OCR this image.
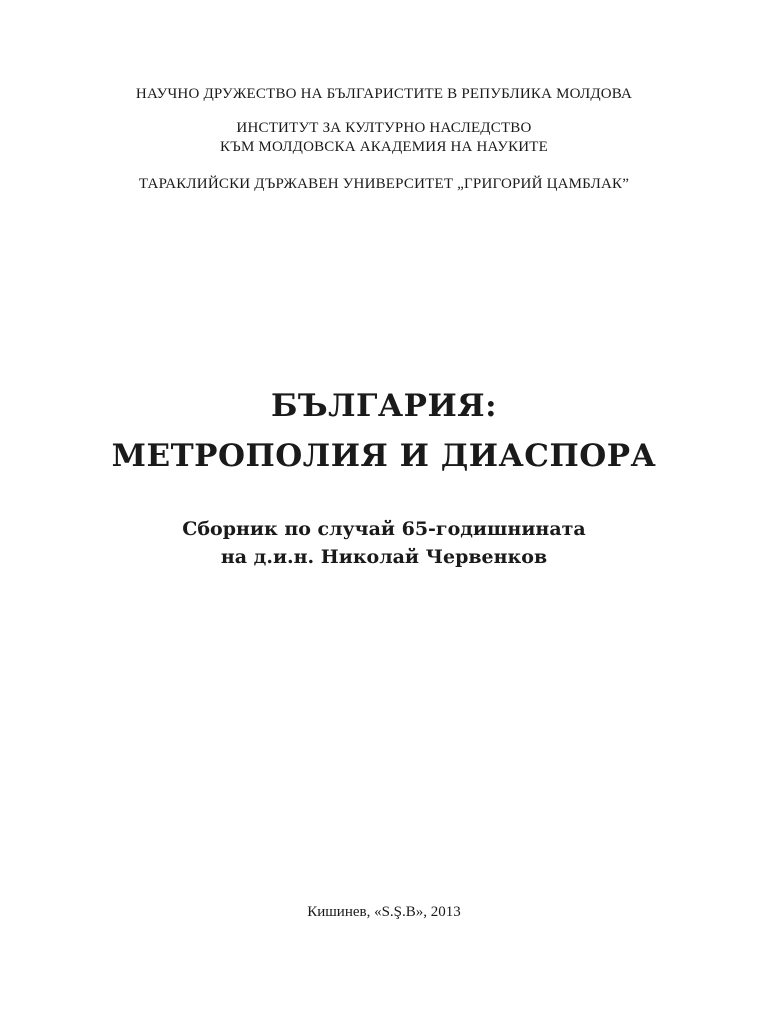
НАУЧНО ДРУЖЕСТВО НА БЪЛГАРИСТИТЕ В РЕПУБЛИКА МОЛДОВА
ИНСТИТУТ ЗА КУЛТУРНО НАСЛЕДСТВО
КЪМ МОЛДОВСКА АКАДЕМИЯ НА НАУКИТЕ
ТАРАКЛИЙСКИ ДЪРЖАВЕН УНИВЕРСИТЕТ „ГРИГОРИЙ ЦАМБЛАК”
БЪЛГАРИЯ:
МЕТРОПОЛИЯ И ДИАСПОРА
Сборник по случай 65-годишнината
на д.и.н. Николай Червенков
Кишинев, «S.Ş.B», 2013
